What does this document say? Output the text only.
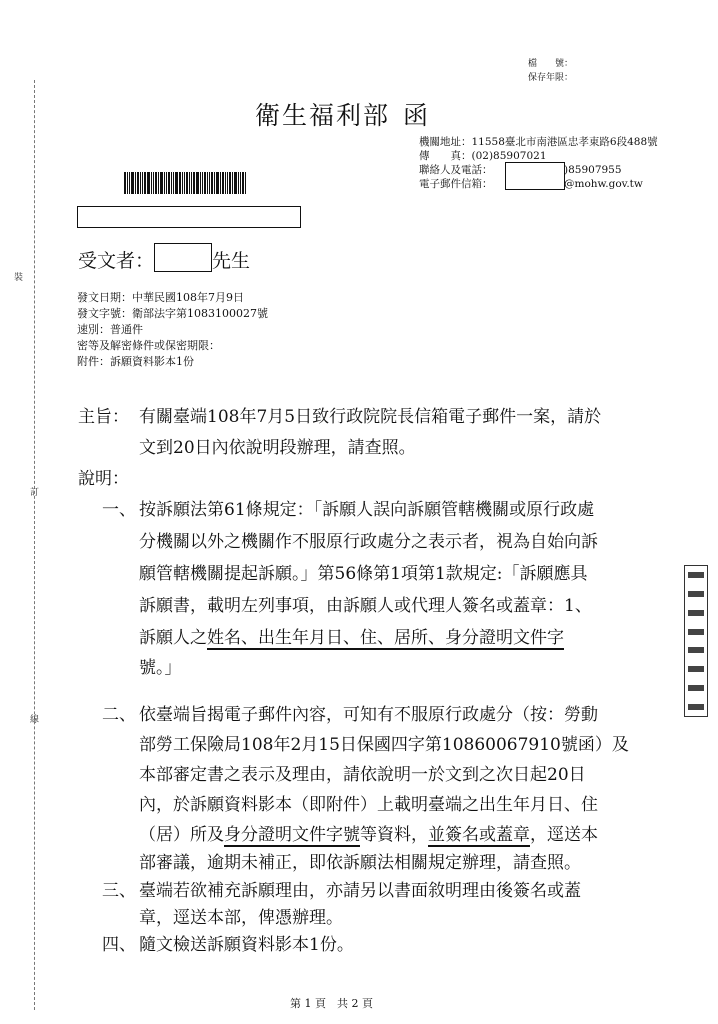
裝
訂
線
檔　　號：
保存年限：
衛生福利部 函
機關地址：11558臺北市南港區忠孝東路6段488號
傳　　真：(02)85907021
聯絡人及電話：	)85907955
電子郵件信箱：	@mohw.gov.tw
受文者：	先生
發文日期：中華民國108年7月9日
發文字號：衛部法字第1083100027號
速別：普通件
密等及解密條件或保密期限：
附件：訴願資料影本1份
主旨： 有關臺端108年7月5日致行政院院長信箱電子郵件一案，請於
文到20日內依說明段辦理，請查照。
說明：
一、 按訴願法第61條規定：「訴願人誤向訴願管轄機關或原行政處
分機關以外之機關作不服原行政處分之表示者，視為自始向訴
願管轄機關提起訴願。」第56條第1項第1款規定:「訴願應具
訴願書，載明左列事項，由訴願人或代理人簽名或蓋章：1、
訴願人之姓名、出生年月日、住、居所、身分證明文件字
號。」
二、 依臺端旨揭電子郵件內容，可知有不服原行政處分（按：勞動
部勞工保險局108年2月15日保國四字第10860067910號函）及
本部審定書之表示及理由，請依說明一於文到之次日起20日
內，於訴願資料影本（即附件）上載明臺端之出生年月日、住
（居）所及身分證明文件字號等資料，並簽名或蓋章，逕送本
部審議，逾期未補正，即依訴願法相關規定辦理，請查照。
三、 臺端若欲補充訴願理由，亦請另以書面敘明理由後簽名或蓋
章，逕送本部，俾憑辦理。
第 1 頁　共 2 頁
四、 隨文檢送訴願資料影本1份。
